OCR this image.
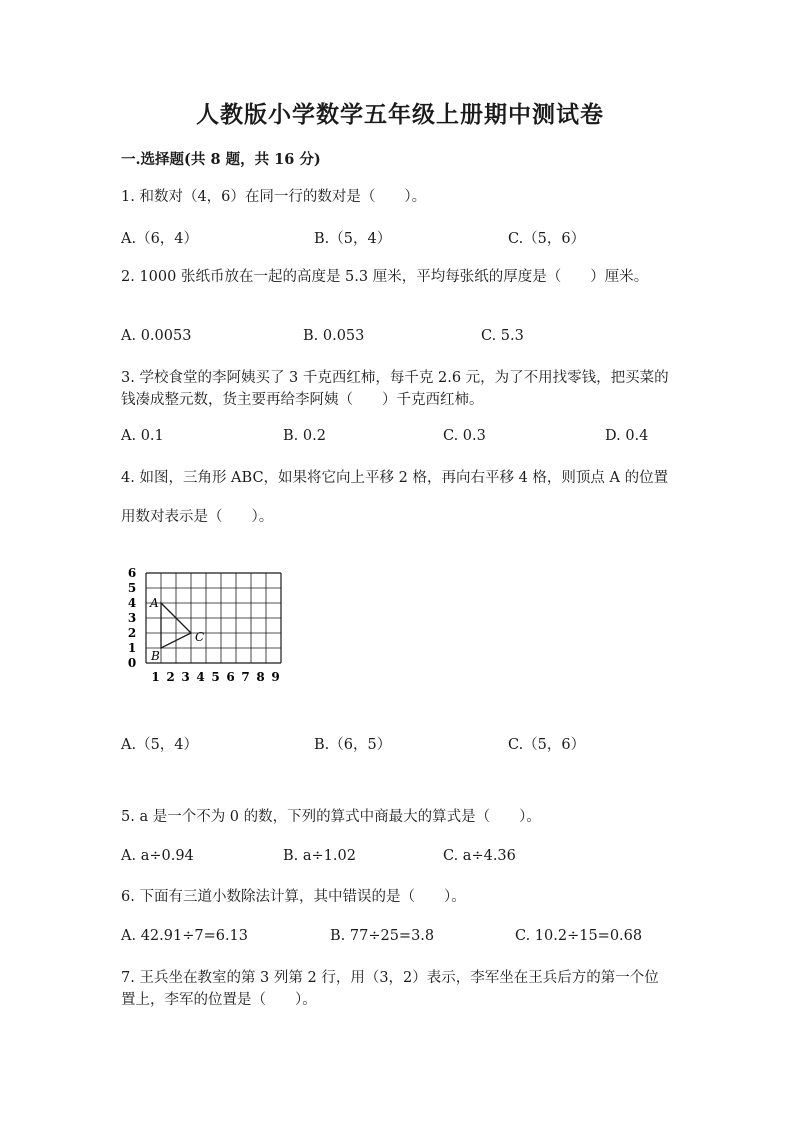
人教版小学数学五年级上册期中测试卷
一.选择题(共 8 题，共 16 分)
1. 和数对（4，6）在同一行的数对是（　　）。
A.（6，4）	B.（5，4）	C.（5，6）
2. 1000 张纸币放在一起的高度是 5.3 厘米，平均每张纸的厚度是（　　）厘米。
A. 0.0053	B. 0.053	C. 5.3
3. 学校食堂的李阿姨买了 3 千克西红柿，每千克 2.6 元，为了不用找零钱，把买菜的钱凑成整元数，货主要再给李阿姨（　　）千克西红柿。
A. 0.1	B. 0.2	C. 0.3	D. 0.4
4. 如图，三角形 ABC，如果将它向上平移 2 格，再向右平移 4 格，则顶点 A 的位置用数对表示是（　　）。
0
1
2
3
4
5
6
1 2 3 4 5 6 7 8 9
A
B
C
A.（5，4）	B.（6，5）	C.（5，6）
5. a 是一个不为 0 的数，下列的算式中商最大的算式是（　　）。
A. a÷0.94	B. a÷1.02	C. a÷4.36
6. 下面有三道小数除法计算，其中错误的是（　　）。
A. 42.91÷7=6.13	B. 77÷25=3.8	C. 10.2÷15=0.68
7. 王兵坐在教室的第 3 列第 2 行，用（3，2）表示，李军坐在王兵后方的第一个位置上，李军的位置是（　　）。
